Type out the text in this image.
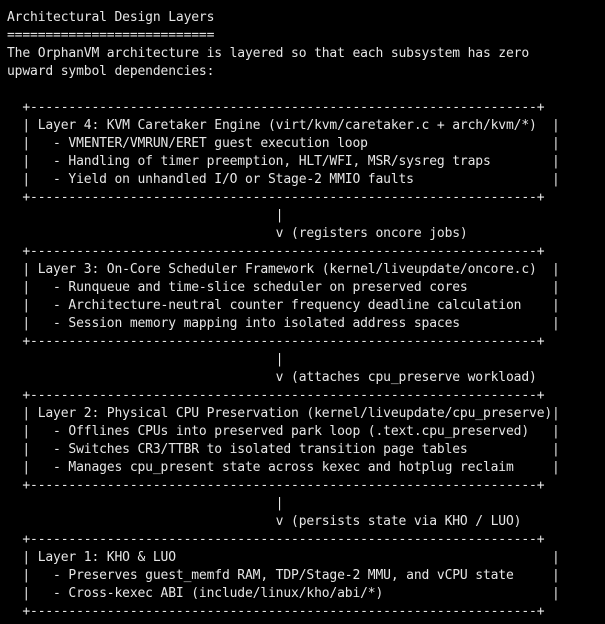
Architectural Design Layers
===========================
The OrphanVM architecture is layered so that each subsystem has zero
upward symbol dependencies:
+------------------------------------------------------------------+
| Layer 4: KVM Caretaker Engine (virt/kvm/caretaker.c + arch/kvm/*)  |
|   - VMENTER/VMRUN/ERET guest execution loop                        |
|   - Handling of timer preemption, HLT/WFI, MSR/sysreg traps        |
|   - Yield on unhandled I/O or Stage-2 MMIO faults                  |
+------------------------------------------------------------------+
|
v (registers oncore jobs)
+------------------------------------------------------------------+
| Layer 3: On-Core Scheduler Framework (kernel/liveupdate/oncore.c)  |
|   - Runqueue and time-slice scheduler on preserved cores           |
|   - Architecture-neutral counter frequency deadline calculation    |
|   - Session memory mapping into isolated address spaces            |
+------------------------------------------------------------------+
|
v (attaches cpu_preserve workload)
+------------------------------------------------------------------+
| Layer 2: Physical CPU Preservation (kernel/liveupdate/cpu_preserve)|
|   - Offlines CPUs into preserved park loop (.text.cpu_preserved)   |
|   - Switches CR3/TTBR to isolated transition page tables           |
|   - Manages cpu_present state across kexec and hotplug reclaim     |
+------------------------------------------------------------------+
|
v (persists state via KHO / LUO)
+------------------------------------------------------------------+
| Layer 1: KHO & LUO                                                 |
|   - Preserves guest_memfd RAM, TDP/Stage-2 MMU, and vCPU state     |
|   - Cross-kexec ABI (include/linux/kho/abi/*)                      |
+------------------------------------------------------------------+
